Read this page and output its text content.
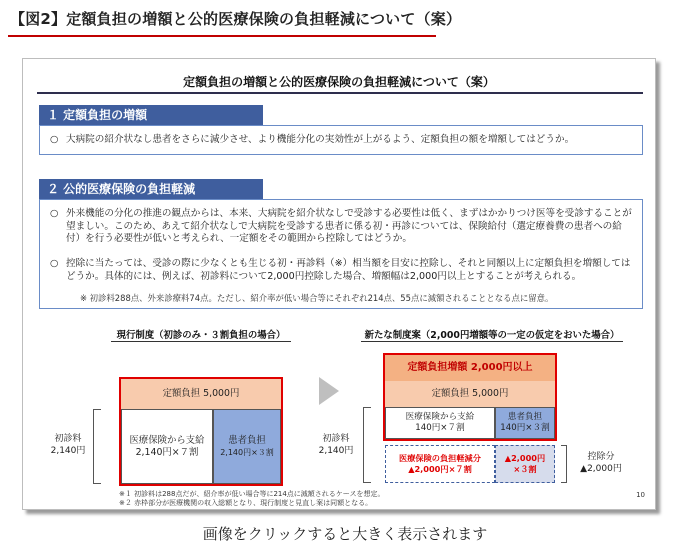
【図2】定額負担の増額と公的医療保険の負担軽減について（案）
定額負担の増額と公的医療保険の負担軽減について（案）
１ 定額負担の増額
○ 大病院の紹介状なし患者をさらに減少させ、より機能分化の実効性が上がるよう、定額負担の額を増額してはどうか。
２ 公的医療保険の負担軽減
○ 外来機能の分化の推進の観点からは、本来、大病院を紹介状なしで受診する必要性は低く、まずはかかりつけ医等を受診することが望ましい。このため、あえて紹介状なしで大病院を受診する患者に係る初・再診については、保険給付（選定療養費の患者への給付）を行う必要性が低いと考えられ、一定額をその範囲から控除してはどうか。
○ 控除に当たっては、受診の際に少なくとも生じる初・再診料（※）相当額を目安に控除し、それと同額以上に定額負担を増額してはどうか。具体的には、例えば、初診料について2,000円控除した場合、増額幅は2,000円以上とすることが考えられる。
※ 初診料288点、外来診療料74点。ただし、紹介率が低い場合等にそれぞれ214点、55点に減額されることとなる点に留意。
現行制度（初診のみ・３割負担の場合）
定額負担 5,000円
医療保険から支給
2,140円×７割
患者負担
2,140円×３割
初診料
2,140円
新たな制度案（2,000円増額等の一定の仮定をおいた場合）
定額負担増額 2,000円以上
定額負担 5,000円
医療保険から支給
140円×７割
患者負担
140円×３割
医療保険の負担軽減分
▲2,000円×７割
▲2,000円
×３割
初診料
2,140円
控除分
▲2,000円
※１ 初診料は288点だが、紹介率が低い場合等に214点に減額されるケースを想定。
※２ 赤枠部分が医療機関の収入総額となり、現行制度と見直し案は同額となる。
10
画像をクリックすると大きく表示されます
